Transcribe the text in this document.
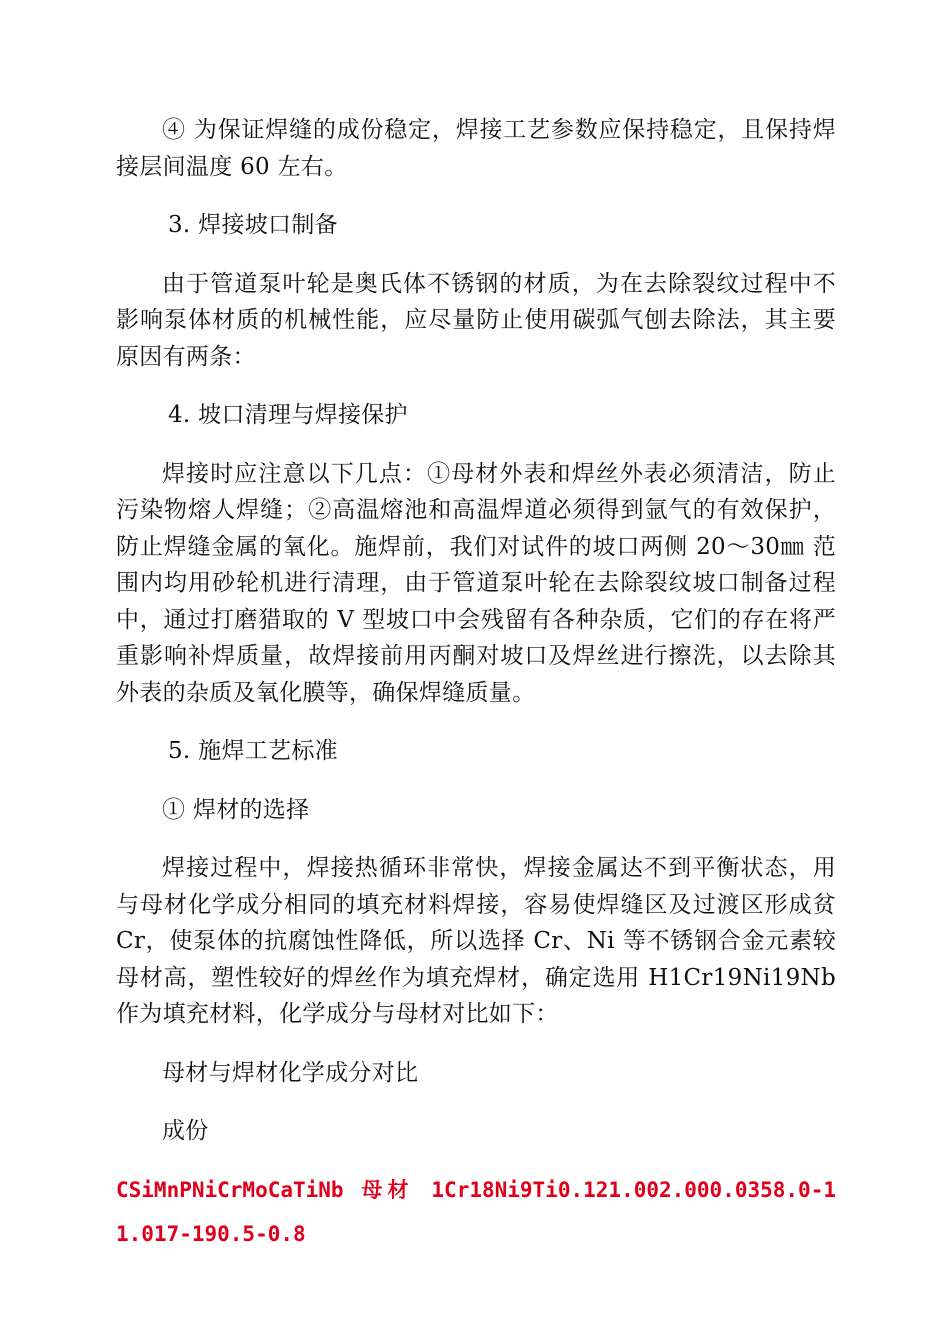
④ 为保证焊缝的成份稳定，焊接工艺参数应保持稳定，且保持焊接层间温度 60 左右。

3. 焊接坡口制备

由于管道泵叶轮是奥氏体不锈钢的材质，为在去除裂纹过程中不影响泵体材质的机械性能，应尽量防止使用碳弧气刨去除法，其主要原因有两条：

4. 坡口清理与焊接保护

焊接时应注意以下几点：①母材外表和焊丝外表必须清洁，防止污染物熔人焊缝；②高温熔池和高温焊道必须得到氩气的有效保护，防止焊缝金属的氧化。施焊前，我们对试件的坡口两侧 20～30㎜ 范围内均用砂轮机进行清理，由于管道泵叶轮在去除裂纹坡口制备过程中，通过打磨猎取的 V 型坡口中会残留有各种杂质，它们的存在将严重影响补焊质量，故焊接前用丙酮对坡口及焊丝进行擦洗，以去除其外表的杂质及氧化膜等，确保焊缝质量。

5. 施焊工艺标准

① 焊材的选择

焊接过程中，焊接热循环非常快，焊接金属达不到平衡状态，用与母材化学成分相同的填充材料焊接，容易使焊缝区及过渡区形成贫 Cr，使泵体的抗腐蚀性降低，所以选择 Cr、Ni 等不锈钢合金元素较母材高，塑性较好的焊丝作为填充焊材，确定选用 H1Cr19Ni19Nb 作为填充材料，化学成分与母材对比如下：

母材与焊材化学成分对比

成份

CSiMnPNiCrMoCaTiNb 母材 1Cr18Ni9Ti0.121.002.000.0358.0-11.017-190.5-0.8
